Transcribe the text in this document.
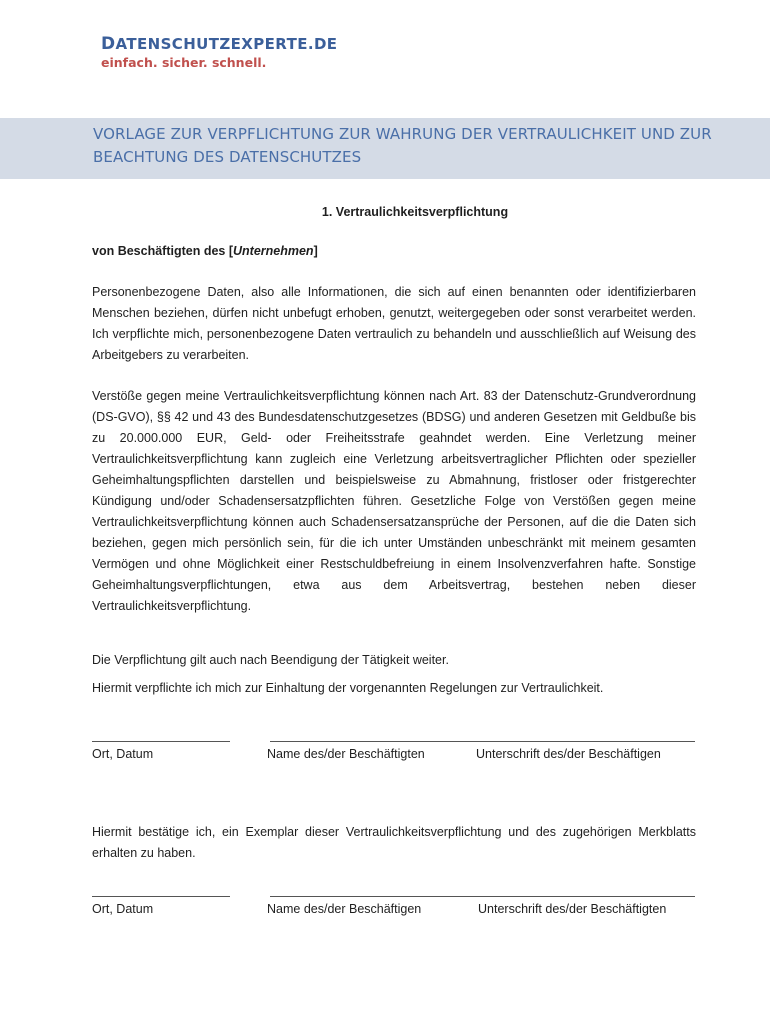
DATENSCHUTZEXPERTE.DE
einfach. sicher. schnell.
VORLAGE ZUR VERPFLICHTUNG ZUR WAHRUNG DER VERTRAULICHKEIT UND ZUR BEACHTUNG DES DATENSCHUTZES
1. Vertraulichkeitsverpflichtung
von Beschäftigten des [Unternehmen]
Personenbezogene Daten, also alle Informationen, die sich auf einen benannten oder identifizierbaren Menschen beziehen, dürfen nicht unbefugt erhoben, genutzt, weitergegeben oder sonst verarbeitet werden. Ich verpflichte mich, personenbezogene Daten vertraulich zu behandeln und ausschließlich auf Weisung des Arbeitgebers zu verarbeiten.
Verstöße gegen meine Vertraulichkeitsverpflichtung können nach Art. 83 der Datenschutz-Grundverordnung (DS-GVO), §§ 42 und 43 des Bundesdatenschutzgesetzes (BDSG) und anderen Gesetzen mit Geldbuße bis zu 20.000.000 EUR, Geld- oder Freiheitsstrafe geahndet werden. Eine Verletzung meiner Vertraulichkeitsverpflichtung kann zugleich eine Verletzung arbeitsvertraglicher Pflichten oder spezieller Geheimhaltungspflichten darstellen und beispielsweise zu Abmahnung, fristloser oder fristgerechter Kündigung und/oder Schadensersatzpflichten führen. Gesetzliche Folge von Verstößen gegen meine Vertraulichkeitsverpflichtung können auch Schadensersatzansprüche der Personen, auf die die Daten sich beziehen, gegen mich persönlich sein, für die ich unter Umständen unbeschränkt mit meinem gesamten Vermögen und ohne Möglichkeit einer Restschuldbefreiung in einem Insolvenzverfahren hafte. Sonstige Geheimhaltungsverpflichtungen, etwa aus dem Arbeitsvertrag, bestehen neben dieser Vertraulichkeitsverpflichtung.
Die Verpflichtung gilt auch nach Beendigung der Tätigkeit weiter.
Hiermit verpflichte ich mich zur Einhaltung der vorgenannten Regelungen zur Vertraulichkeit.
Ort, Datum	Name des/der Beschäftigten	Unterschrift des/der Beschäftigen
Hiermit bestätige ich, ein Exemplar dieser Vertraulichkeitsverpflichtung und des zugehörigen Merkblatts erhalten zu haben.
Ort, Datum	Name des/der Beschäftigen	Unterschrift des/der Beschäftigten
